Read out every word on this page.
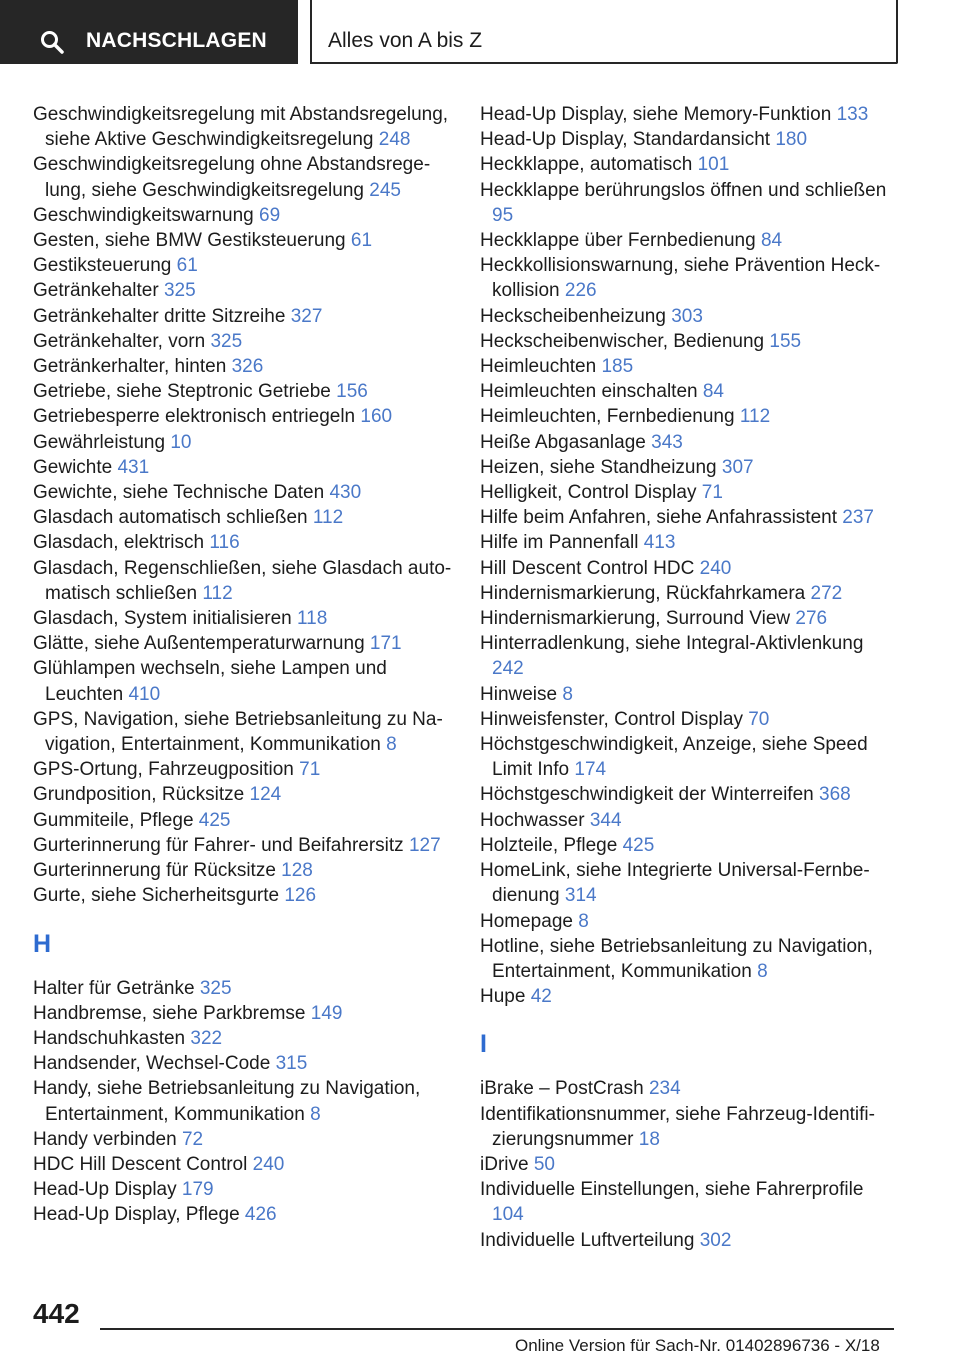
NACHSCHLAGEN	Alles von A bis Z
Geschwindigkeitsregelung mit Abstandsregelung, siehe Aktive Geschwindigkeitsregelung 248
Geschwindigkeitsregelung ohne Abstandsregelung, siehe Geschwindigkeitsregelung 245
Geschwindigkeitswarnung 69
Gesten, siehe BMW Gestiksteuerung 61
Gestiksteuerung 61
Getränkehalter 325
Getränkehalter dritte Sitzreihe 327
Getränkehalter, vorn 325
Getränkerhalter, hinten 326
Getriebe, siehe Steptronic Getriebe 156
Getriebesperre elektronisch entriegeln 160
Gewährleistung 10
Gewichte 431
Gewichte, siehe Technische Daten 430
Glasdach automatisch schließen 112
Glasdach, elektrisch 116
Glasdach, Regenschließen, siehe Glasdach automatisch schließen 112
Glasdach, System initialisieren 118
Glätte, siehe Außentemperaturwarnung 171
Glühlampen wechseln, siehe Lampen und Leuchten 410
GPS, Navigation, siehe Betriebsanleitung zu Navigation, Entertainment, Kommunikation 8
GPS-Ortung, Fahrzeugposition 71
Grundposition, Rücksitze 124
Gummiteile, Pflege 425
Gurterinnerung für Fahrer- und Beifahrersitz 127
Gurterinnerung für Rücksitze 128
Gurte, siehe Sicherheitsgurte 126
H
Halter für Getränke 325
Handbremse, siehe Parkbremse 149
Handschuhkasten 322
Handsender, Wechsel-Code 315
Handy, siehe Betriebsanleitung zu Navigation, Entertainment, Kommunikation 8
Handy verbinden 72
HDC Hill Descent Control 240
Head-Up Display 179
Head-Up Display, Pflege 426
Head-Up Display, siehe Memory-Funktion 133
Head-Up Display, Standardansicht 180
Heckklappe, automatisch 101
Heckklappe berührungslos öffnen und schließen 95
Heckklappe über Fernbedienung 84
Heckkollisionswarnung, siehe Prävention Heckkollision 226
Heckscheibenheizung 303
Heckscheibenwischer, Bedienung 155
Heimleuchten 185
Heimleuchten einschalten 84
Heimleuchten, Fernbedienung 112
Heiße Abgasanlage 343
Heizen, siehe Standheizung 307
Helligkeit, Control Display 71
Hilfe beim Anfahren, siehe Anfahrassistent 237
Hilfe im Pannenfall 413
Hill Descent Control HDC 240
Hindernismarkierung, Rückfahrkamera 272
Hindernismarkierung, Surround View 276
Hinterradlenkung, siehe Integral-Aktivlenkung 242
Hinweise 8
Hinweisfenster, Control Display 70
Höchstgeschwindigkeit, Anzeige, siehe Speed Limit Info 174
Höchstgeschwindigkeit der Winterreifen 368
Hochwasser 344
Holzteile, Pflege 425
HomeLink, siehe Integrierte Universal-Fernbedienung 314
Homepage 8
Hotline, siehe Betriebsanleitung zu Navigation, Entertainment, Kommunikation 8
Hupe 42
I
iBrake – PostCrash 234
Identifikationsnummer, siehe Fahrzeug-Identifizierungsnummer 18
iDrive 50
Individuelle Einstellungen, siehe Fahrerprofile 104
Individuelle Luftverteilung 302
442
Online Version für Sach-Nr. 01402896736 - X/18
